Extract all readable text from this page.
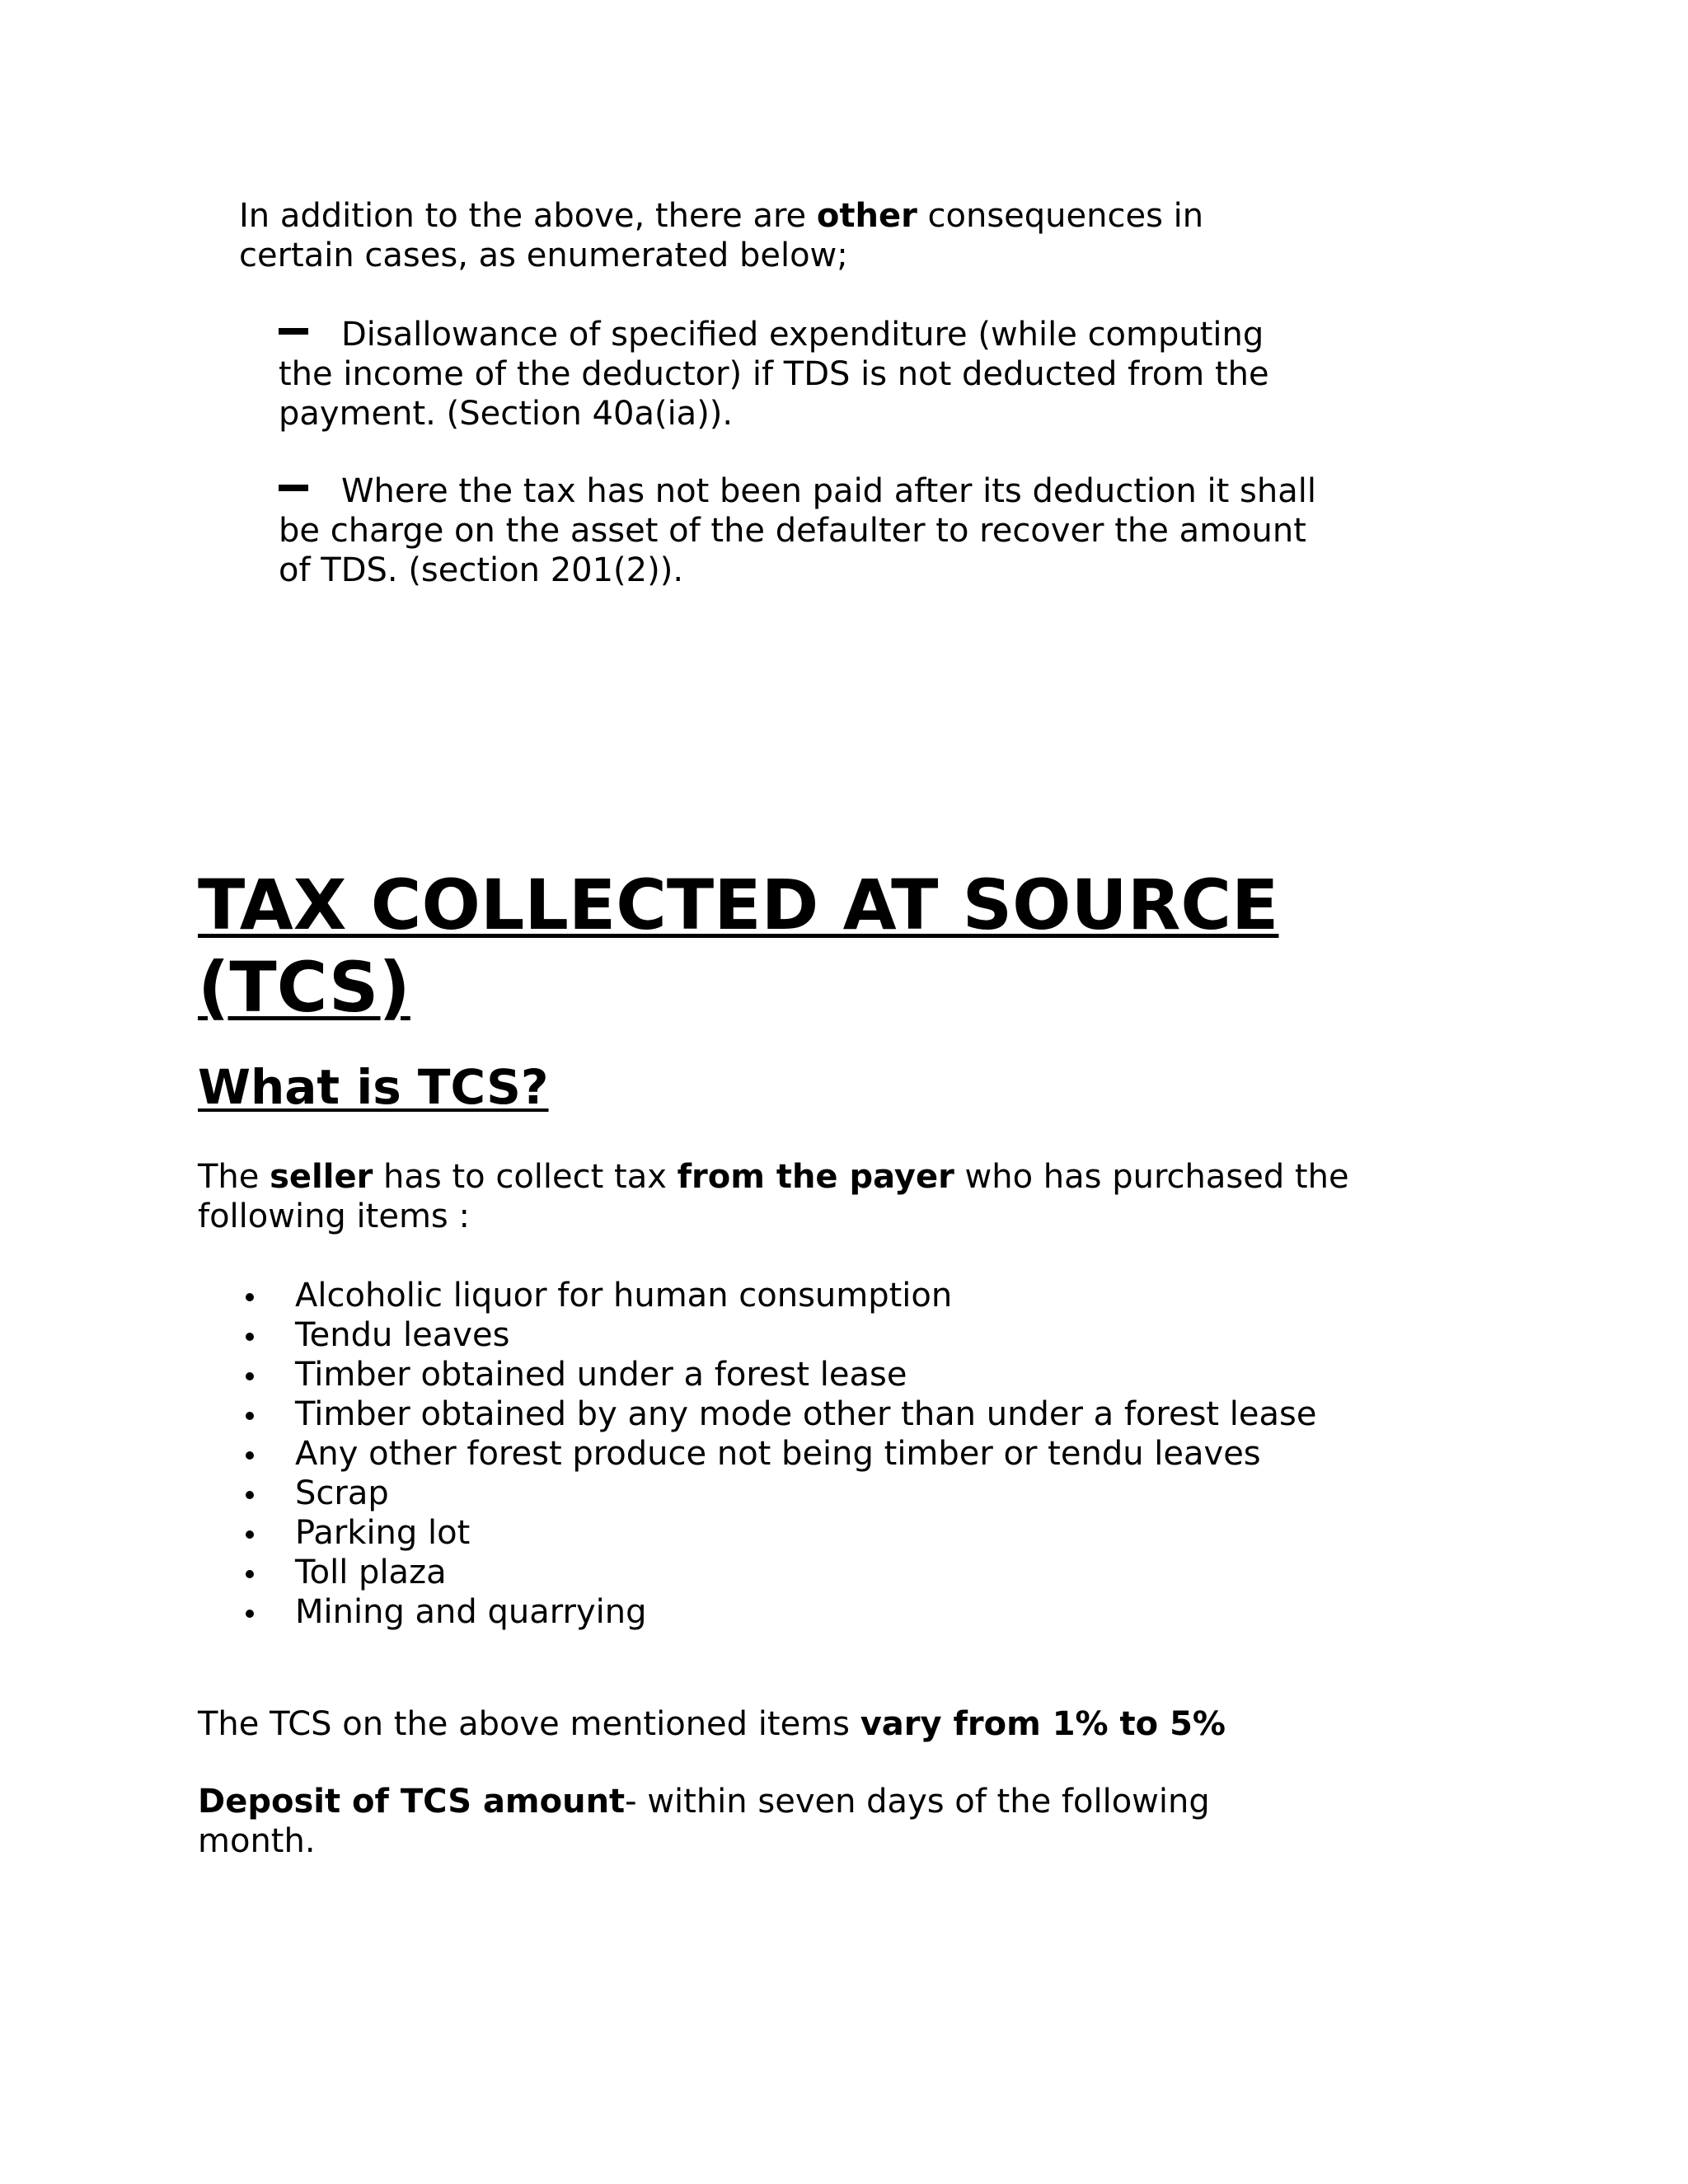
In addition to the above, there are other consequences in certain cases, as enumerated below;

Disallowance of specified expenditure (while computing the income of the deductor) if TDS is not deducted from the payment. (Section 40a(ia)).
Where the tax has not been paid after its deduction it shall be charge on the asset of the defaulter to recover the amount of TDS. (section 201(2)).
TAX COLLECTED AT SOURCE (TCS)
What is TCS?

The seller has to collect tax from the payer who has purchased the following items :

Alcoholic liquor for human consumption
Tendu leaves
Timber obtained under a forest lease
Timber obtained by any mode other than under a forest lease
Any other forest produce not being timber or tendu leaves
Scrap
Parking lot
Toll plaza
Mining and quarrying

The TCS on the above mentioned items vary from 1% to 5%

Deposit of TCS amount- within seven days of the following month.
